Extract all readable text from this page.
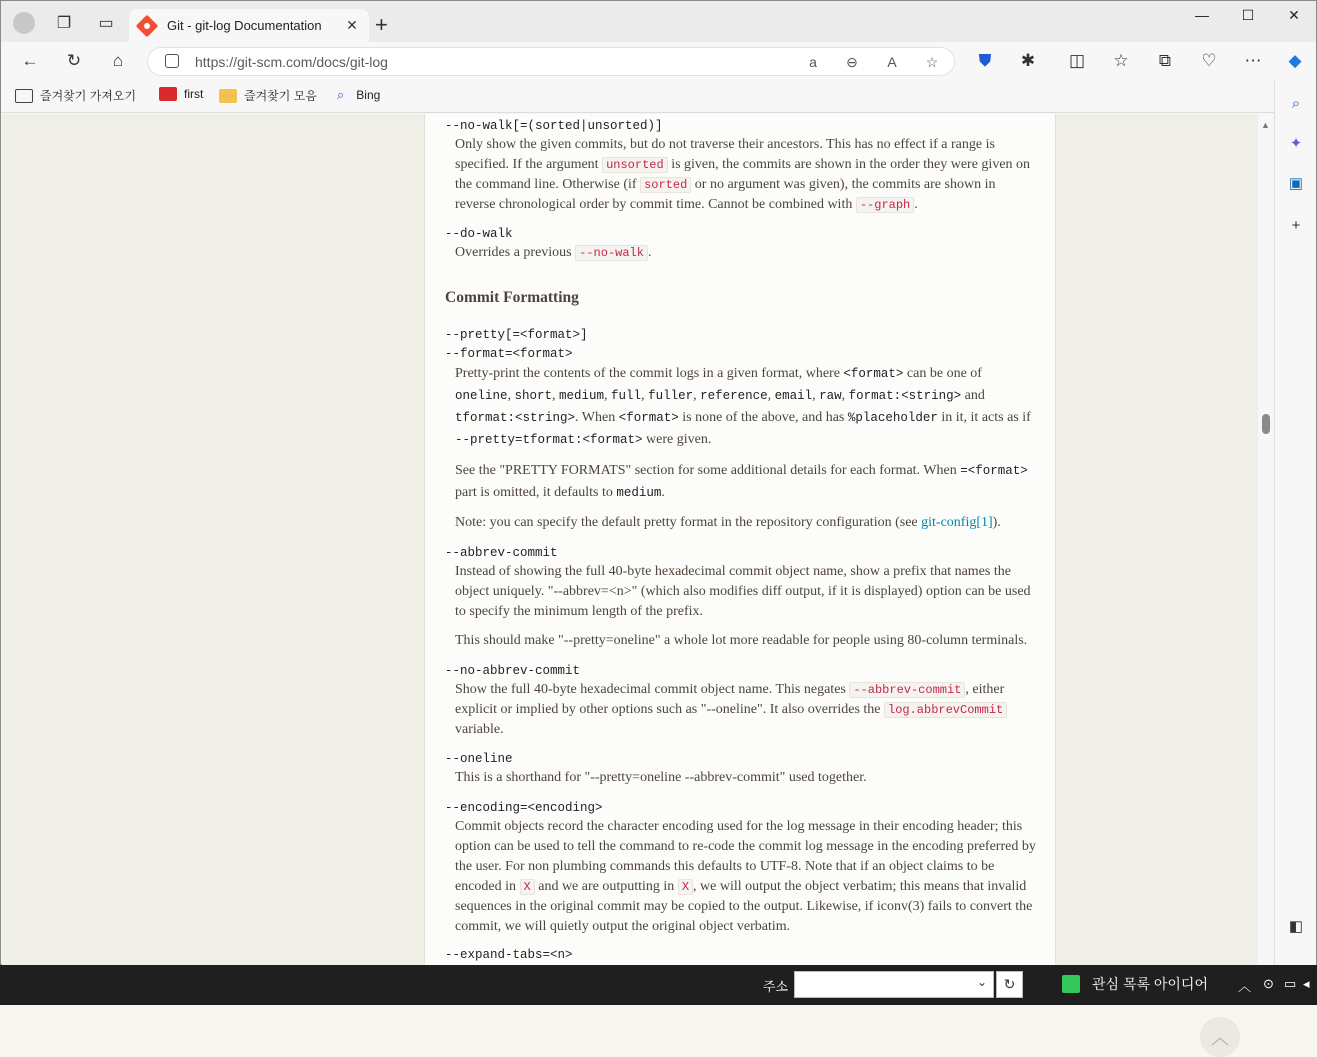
❐	▭	Git - git-log Documentation	✕ +	—	☐	✕
←	↻	⌂	https://git-scm.com/docs/git-log	a	⊖	A	☆	⛊	✱	◫	☆	⧉	♡	⋯	◆
즐겨찾기 가져오기	first	즐겨찾기 모음 ⌕ Bing	⌕
✦
▣
+
◧
--no-walk[=(sorted|unsorted)]
Only show the given commits, but do not traverse their ancestors. This has no effect if a range is
specified. If the argument unsorted is given, the commits are shown in the order they were given on
the command line. Otherwise (if sorted or no argument was given), the commits are shown in
reverse chronological order by commit time. Cannot be combined with --graph .
--do-walk
Overrides a previous --no-walk .
Commit Formatting
--pretty[=<format>]
--format=<format>
Pretty-print the contents of the commit logs in a given format, where <format> can be one of
oneline, short, medium, full, fuller, reference, email, raw, format:<string> and
tformat:<string>. When <format> is none of the above, and has %placeholder in it, it acts as if
--pretty=tformat:<format> were given.
See the "PRETTY FORMATS" section for some additional details for each format. When =<format>
part is omitted, it defaults to medium.
Note: you can specify the default pretty format in the repository configuration (see git-config[1]).
--abbrev-commit
Instead of showing the full 40-byte hexadecimal commit object name, show a prefix that names the
object uniquely. "--abbrev=<n>" (which also modifies diff output, if it is displayed) option can be used
to specify the minimum length of the prefix.
This should make "--pretty=oneline" a whole lot more readable for people using 80-column terminals.
--no-abbrev-commit
Show the full 40-byte hexadecimal commit object name. This negates --abbrev-commit , either
explicit or implied by other options such as "--oneline". It also overrides the log.abbrevCommit
variable.
--oneline
This is a shorthand for "--pretty=oneline --abbrev-commit" used together.
--encoding=<encoding>
Commit objects record the character encoding used for the log message in their encoding header; this
option can be used to tell the command to re-code the commit log message in the encoding preferred by
the user. For non plumbing commands this defaults to UTF-8. Note that if an object claims to be
encoded in X and we are outputting in X , we will output the object verbatim; this means that invalid
sequences in the original commit may be copied to the output. Likewise, if iconv(3) fails to convert the
commit, we will quietly output the original object verbatim.
--expand-tabs=<n>
︿
▲
주소	⌄	↻	관심 목록 아이디어 ︿ ⊙ ▭ ◂
